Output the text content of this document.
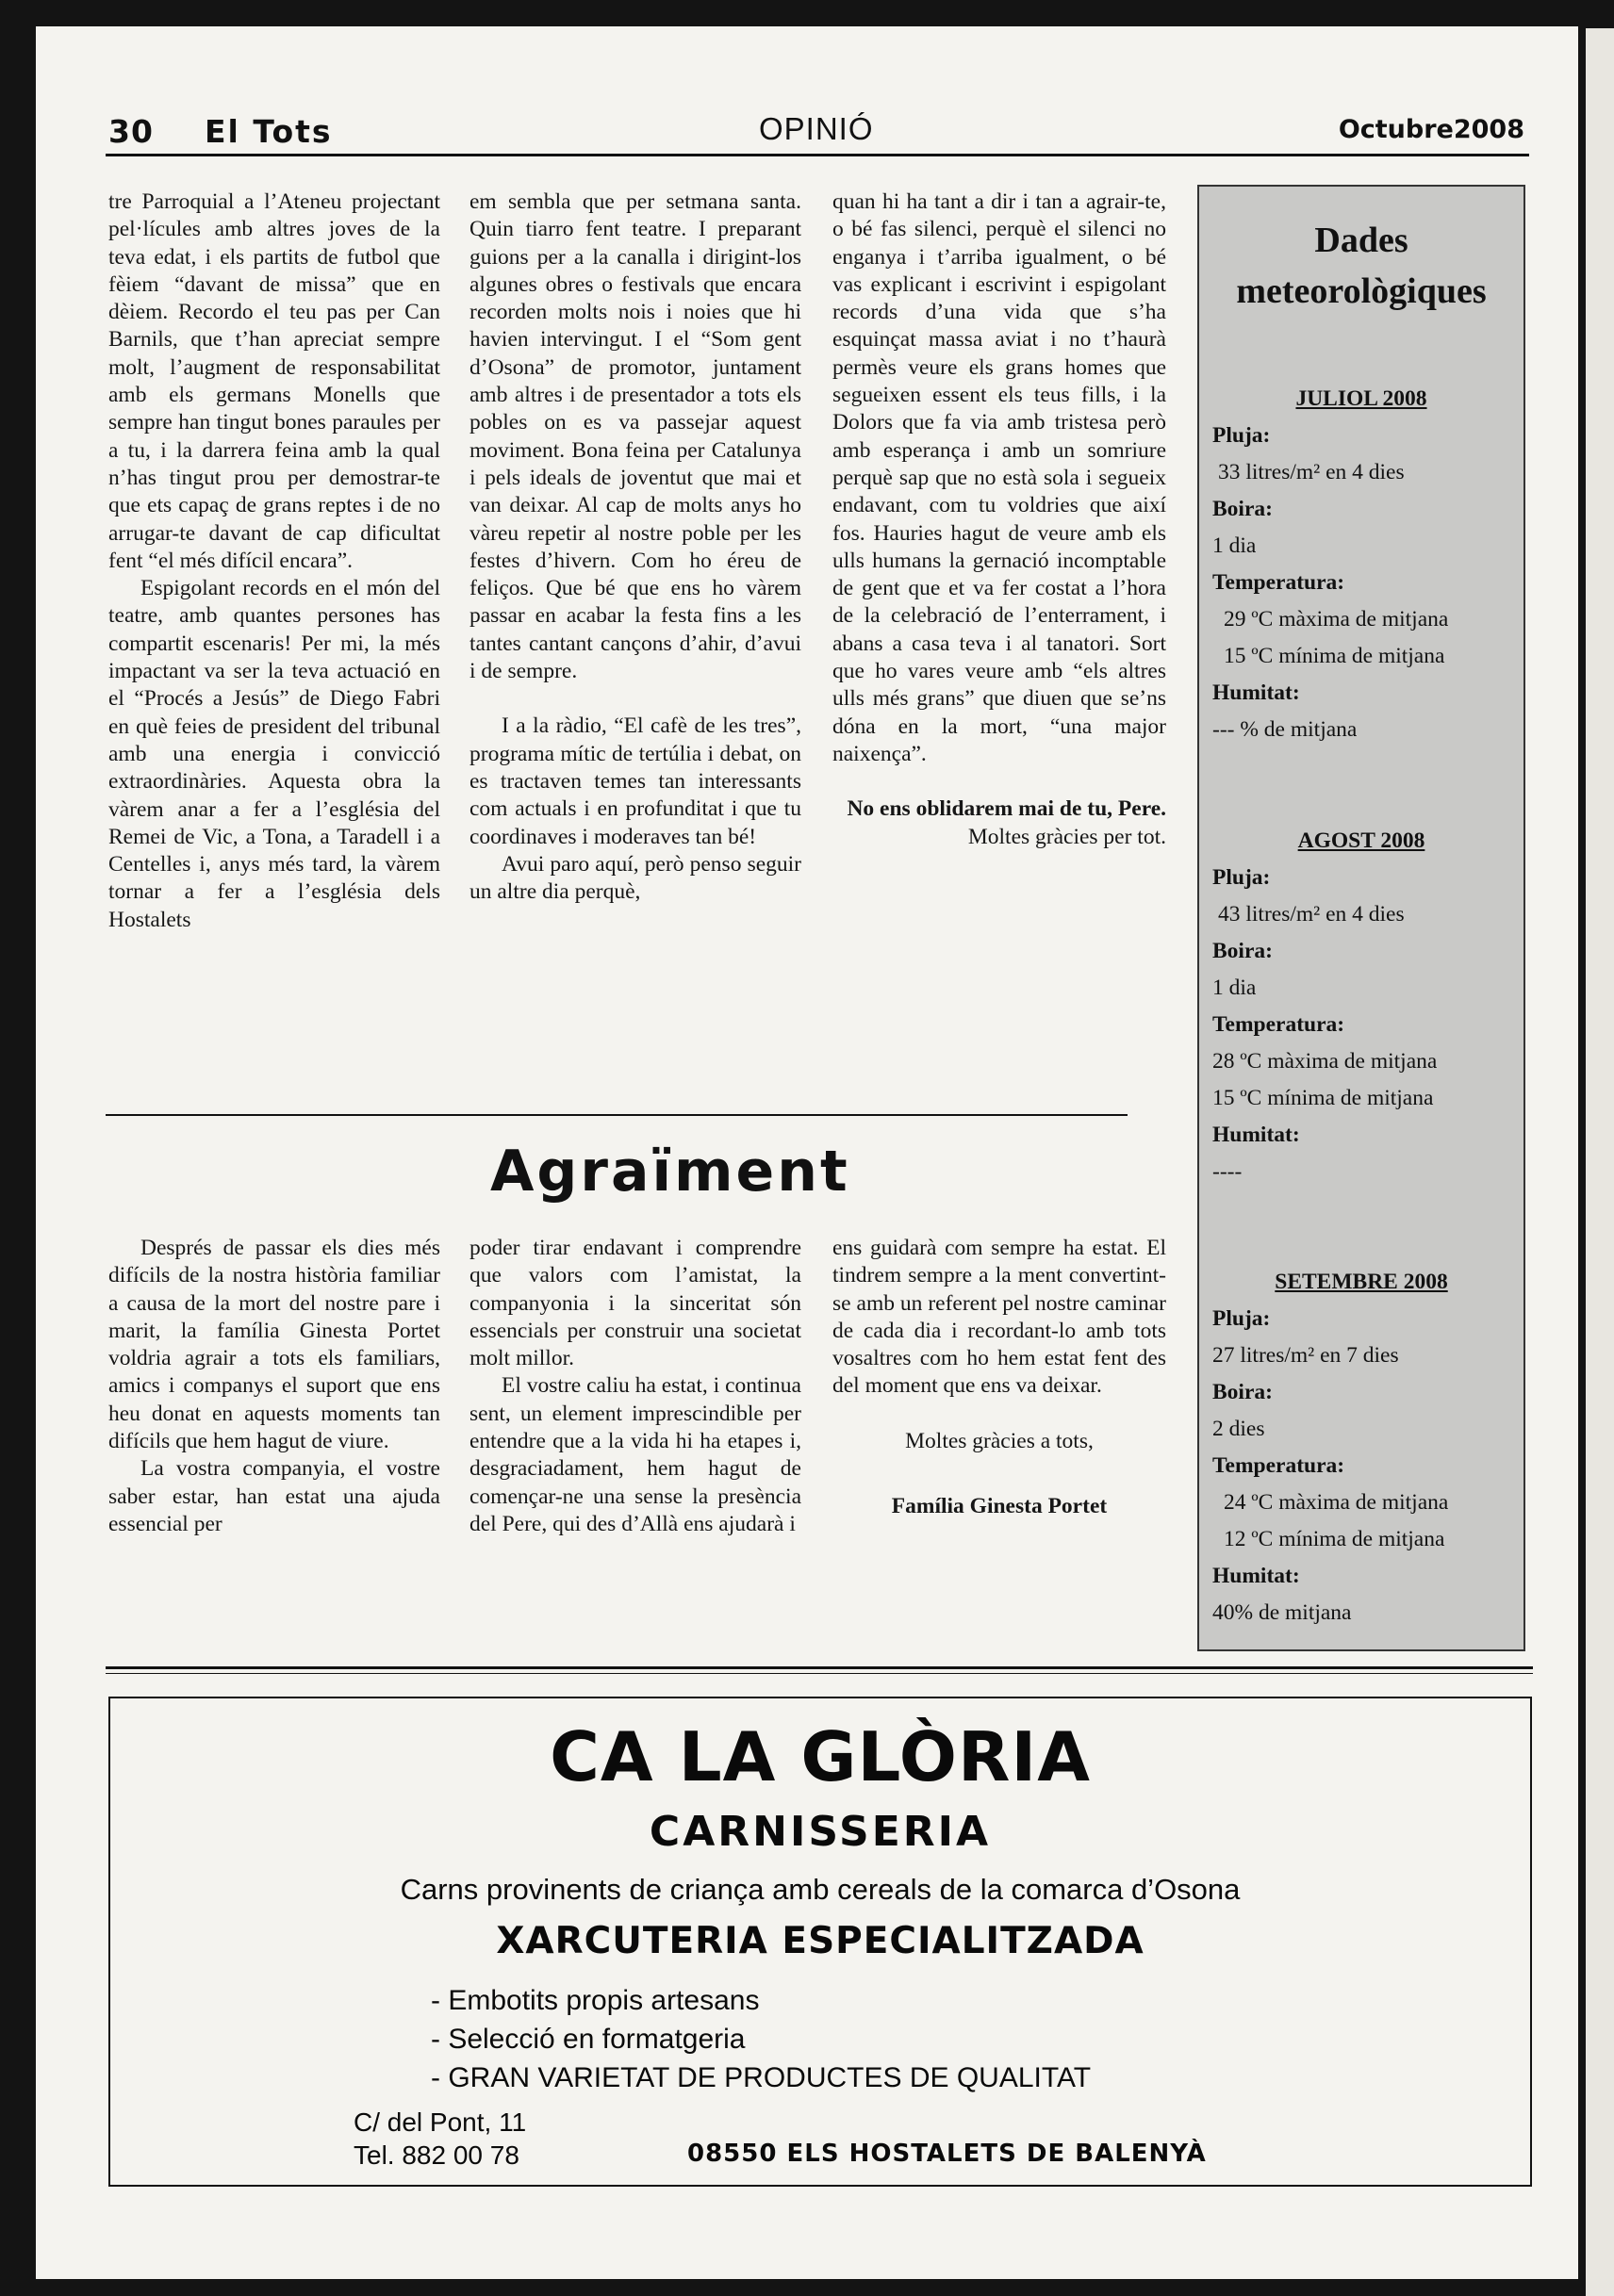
30 El Tots	OPINIÓ	Octubre2008

tre Parroquial a l’Ateneu projectant pel·lícules amb altres joves de la teva edat, i els partits de futbol que fèiem “davant de missa” que en dèiem. Recordo el teu pas per Can Barnils, que t’han apreciat sempre molt, l’augment de responsabilitat amb els germans Monells que sempre han tingut bones paraules per a tu, i la darrera feina amb la qual n’has tingut prou per demostrar-te que ets capaç de grans reptes i de no arrugar-te davant de cap dificultat fent “el més difícil encara”.

Espigolant records en el món del teatre, amb quantes persones has compartit escenaris! Per mi, la més impactant va ser la teva actuació en el “Procés a Jesús” de Diego Fabri en què feies de president del tribunal amb una energia i convicció extraordinàries. Aquesta obra la vàrem anar a fer a l’església del Remei de Vic, a Tona, a Taradell i a Centelles i, anys més tard, la vàrem tornar a fer a l’església dels Hostalets

em sembla que per setmana santa. Quin tiarro fent teatre. I preparant guions per a la canalla i dirigint-los algunes obres o festivals que encara recorden molts nois i noies que hi havien intervingut. I el “Som gent d’Osona” de promotor, juntament amb altres i de presentador a tots els pobles on es va passejar aquest moviment. Bona feina per Catalunya i pels ideals de joventut que mai et van deixar. Al cap de molts anys ho vàreu repetir al nostre poble per les festes d’hivern. Com ho éreu de feliços. Que bé que ens ho vàrem passar en acabar la festa fins a les tantes cantant cançons d’ahir, d’avui i de sempre.

I a la ràdio, “El cafè de les tres”, programa mític de tertúlia i debat, on es tractaven temes tan interessants com actuals i en profunditat i que tu coordinaves i moderaves tan bé!

Avui paro aquí, però penso seguir un altre dia perquè,

quan hi ha tant a dir i tan a agrair-te, o bé fas silenci, perquè el silenci no enganya i t’arriba igualment, o bé vas explicant i escrivint i espigolant records d’una vida que s’ha esquinçat massa aviat i no t’haurà permès veure els grans homes que segueixen essent els teus fills, i la Dolors que fa via amb tristesa però amb esperança i amb un somriure perquè sap que no està sola i segueix endavant, com tu voldries que així fos. Hauries hagut de veure amb els ulls humans la gernació incomptable de gent que et va fer costat a l’hora de la celebració de l’enterrament, i abans a casa teva i al tanatori. Sort que ho vares veure amb “els altres ulls més grans” que diuen que se’ns dóna en la mort, “una major naixença”.

No ens oblidarem mai de tu, Pere. Moltes gràcies per tot.

Agraïment

Després de passar els dies més difícils de la nostra història familiar a causa de la mort del nostre pare i marit, la família Ginesta Portet voldria agrair a tots els familiars, amics i companys el suport que ens heu donat en aquests moments tan difícils que hem hagut de viure.

La vostra companyia, el vostre saber estar, han estat una ajuda essencial per

poder tirar endavant i comprendre que valors com l’amistat, la companyonia i la sinceritat són essencials per construir una societat molt millor.

El vostre caliu ha estat, i continua sent, un element imprescindible per entendre que a la vida hi ha etapes i, desgraciadament, hem hagut de començar-ne una sense la presència del Pere, qui des d’Allà ens ajudarà i

ens guidarà com sempre ha estat. El tindrem sempre a la ment convertint-se amb un referent pel nostre caminar de cada dia i recordant-lo amb tots vosaltres com ho hem estat fent des del moment que ens va deixar.

Moltes gràcies a tots,

Família Ginesta Portet

Dades
meteorològiques
JULIOL 2008
Pluja:
33 litres/m² en 4 dies
Boira:
1 dia
Temperatura:
29 ºC màxima de mitjana
15 ºC mínima de mitjana
Humitat:
--- % de mitjana
AGOST 2008
Pluja:
43 litres/m² en 4 dies
Boira:
1 dia
Temperatura:
28 ºC màxima de mitjana
15 ºC mínima de mitjana
Humitat:
----
SETEMBRE 2008
Pluja:
27 litres/m² en 7 dies
Boira:
2 dies
Temperatura:
24 ºC màxima de mitjana
12 ºC mínima de mitjana
Humitat:
40% de mitjana
CA LA GLÒRIA
CARNISSERIA
Carns provinents de criança amb cereals de la comarca d’Osona
XARCUTERIA ESPECIALITZADA
- Embotits propis artesans
- Selecció en formatgeria
- GRAN VARIETAT DE PRODUCTES DE QUALITAT
C/ del Pont, 11
Tel. 882 00 78	08550 ELS HOSTALETS DE BALENYÀ
